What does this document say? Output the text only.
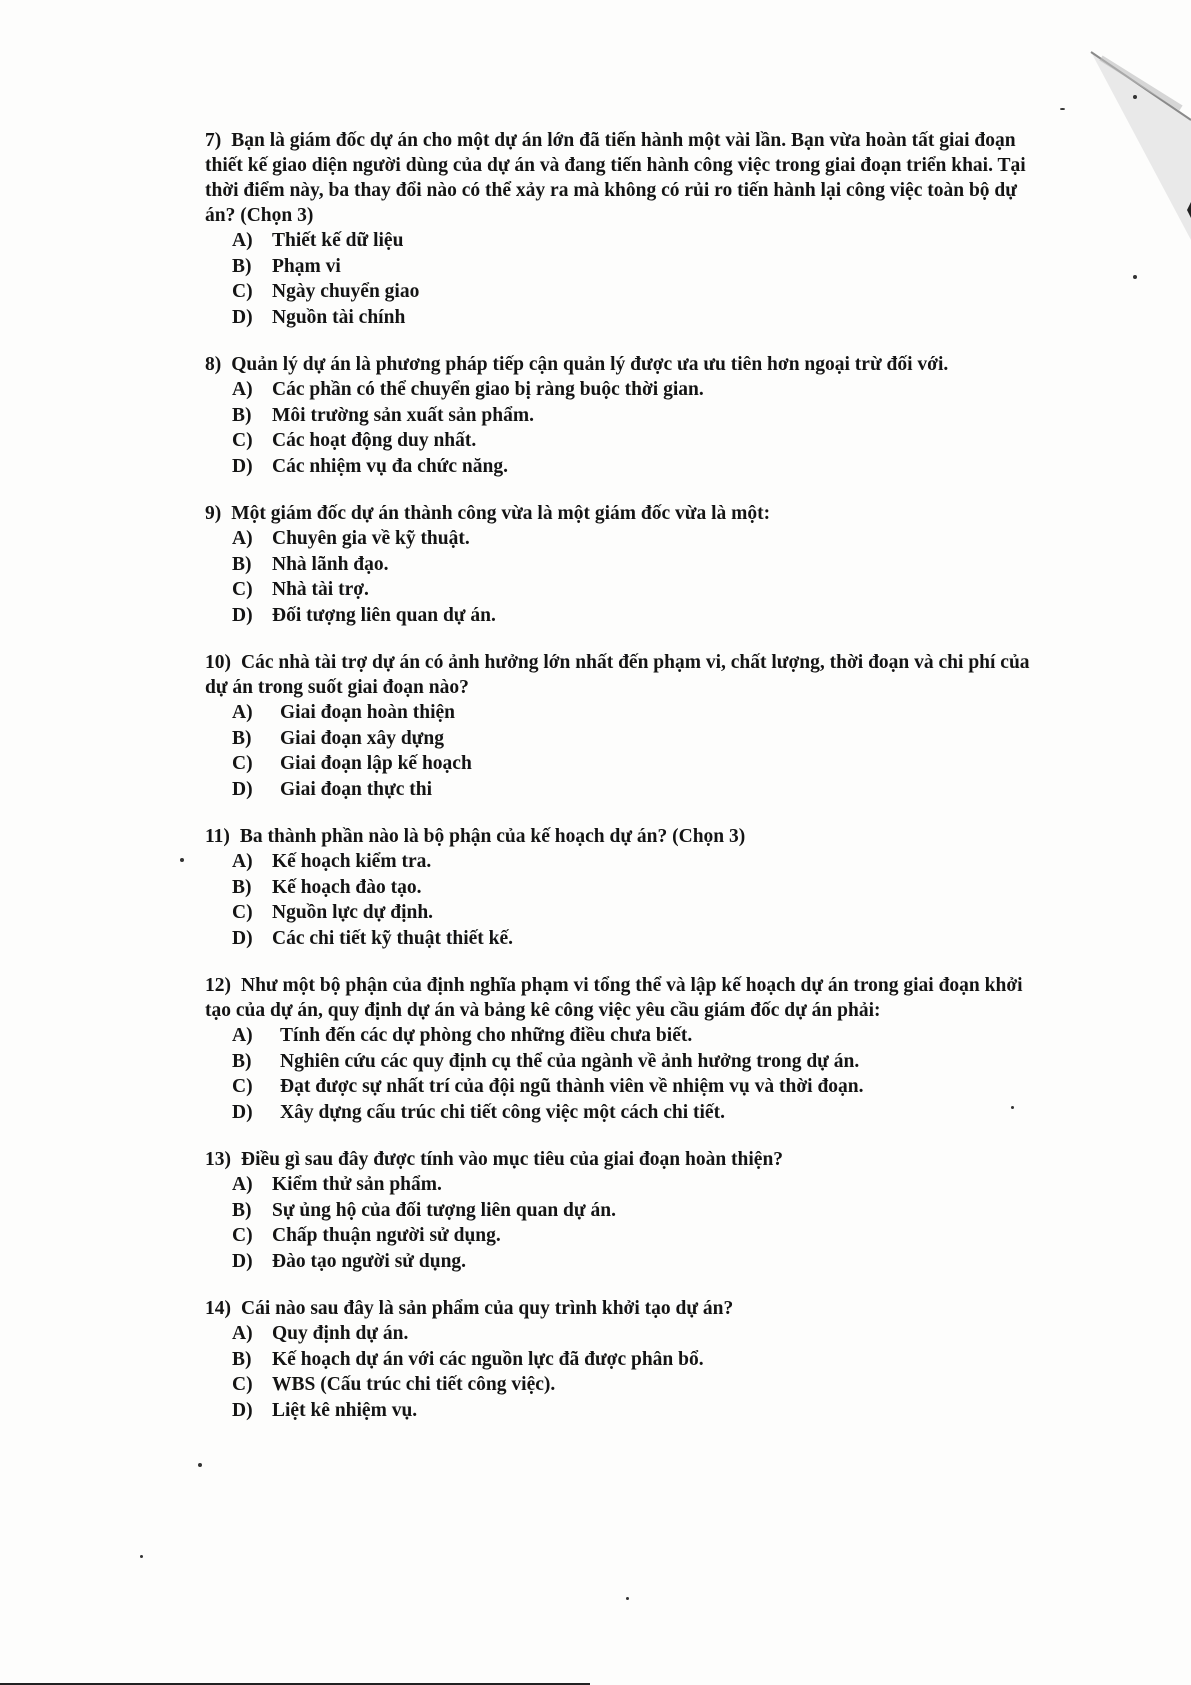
7) Bạn là giám đốc dự án cho một dự án lớn đã tiến hành một vài lần. Bạn vừa hoàn tất giai đoạn thiết kế giao diện người dùng của dự án và đang tiến hành công việc trong giai đoạn triển khai. Tại thời điểm này, ba thay đổi nào có thể xảy ra mà không có rủi ro tiến hành lại công việc toàn bộ dự án? (Chọn 3)

A) Thiết kế dữ liệu
B)	Phạm vi
C) Ngày chuyển giao
D) Nguồn tài chính

8) Quản lý dự án là phương pháp tiếp cận quản lý được ưa ưu tiên hơn ngoại trừ đối với.

A) Các phần có thể chuyển giao bị ràng buộc thời gian.
B)	Môi trường sản xuất sản phẩm.
C) Các hoạt động duy nhất.
D) Các nhiệm vụ đa chức năng.

9) Một giám đốc dự án thành công vừa là một giám đốc vừa là một:

A) Chuyên gia về kỹ thuật.
B)	Nhà lãnh đạo.
C) Nhà tài trợ.
D) Đối tượng liên quan dự án.

10) Các nhà tài trợ dự án có ảnh hưởng lớn nhất đến phạm vi, chất lượng, thời đoạn và chi phí của dự án trong suốt giai đoạn nào?

A)	Giai đoạn hoàn thiện
B)	Giai đoạn xây dựng
C)	Giai đoạn lập kế hoạch
D)	Giai đoạn thực thi

11) Ba thành phần nào là bộ phận của kế hoạch dự án? (Chọn 3)

A) Kế hoạch kiểm tra.
B)	Kế hoạch đào tạo.
C) Nguồn lực dự định.
D) Các chi tiết kỹ thuật thiết kế.

12) Như một bộ phận của định nghĩa phạm vi tổng thể và lập kế hoạch dự án trong giai đoạn khởi tạo của dự án, quy định dự án và bảng kê công việc yêu cầu giám đốc dự án phải:

A)	Tính đến các dự phòng cho những điều chưa biết.
B)	Nghiên cứu các quy định cụ thể của ngành về ảnh hưởng trong dự án.
C)	Đạt được sự nhất trí của đội ngũ thành viên về nhiệm vụ và thời đoạn.
D)	Xây dựng cấu trúc chi tiết công việc một cách chi tiết.

13) Điều gì sau đây được tính vào mục tiêu của giai đoạn hoàn thiện?

A) Kiểm thử sản phẩm.
B)	Sự ủng hộ của đối tượng liên quan dự án.
C) Chấp thuận người sử dụng.
D) Đào tạo người sử dụng.

14) Cái nào sau đây là sản phẩm của quy trình khởi tạo dự án?

A) Quy định dự án.
B)	Kế hoạch dự án với các nguồn lực đã được phân bổ.
C) WBS (Cấu trúc chi tiết công việc).
D) Liệt kê nhiệm vụ.
